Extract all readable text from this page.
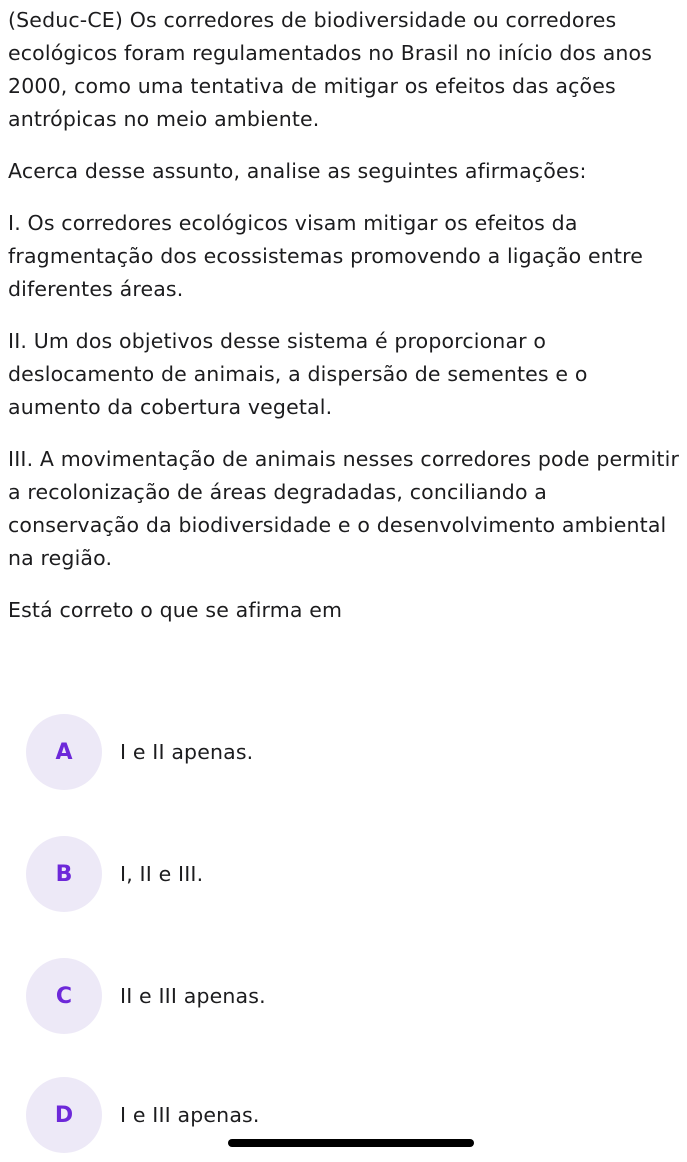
(Seduc-CE) Os corredores de biodiversidade ou corredores ecológicos foram regulamentados no Brasil no início dos anos 2000, como uma tentativa de mitigar os efeitos das ações antrópicas no meio ambiente.

Acerca desse assunto, analise as seguintes afirmações:

I. Os corredores ecológicos visam mitigar os efeitos da fragmentação dos ecossistemas promovendo a ligação entre diferentes áreas.

II. Um dos objetivos desse sistema é proporcionar o deslocamento de animais, a dispersão de sementes e o aumento da cobertura vegetal.

III. A movimentação de animais nesses corredores pode permitir a recolonização de áreas degradadas, conciliando a conservação da biodiversidade e o desenvolvimento ambiental na região.

Está correto o que se afirma em

A	I e II apenas.
B	I, II e III.
C	II e III apenas.
D	I e III apenas.
